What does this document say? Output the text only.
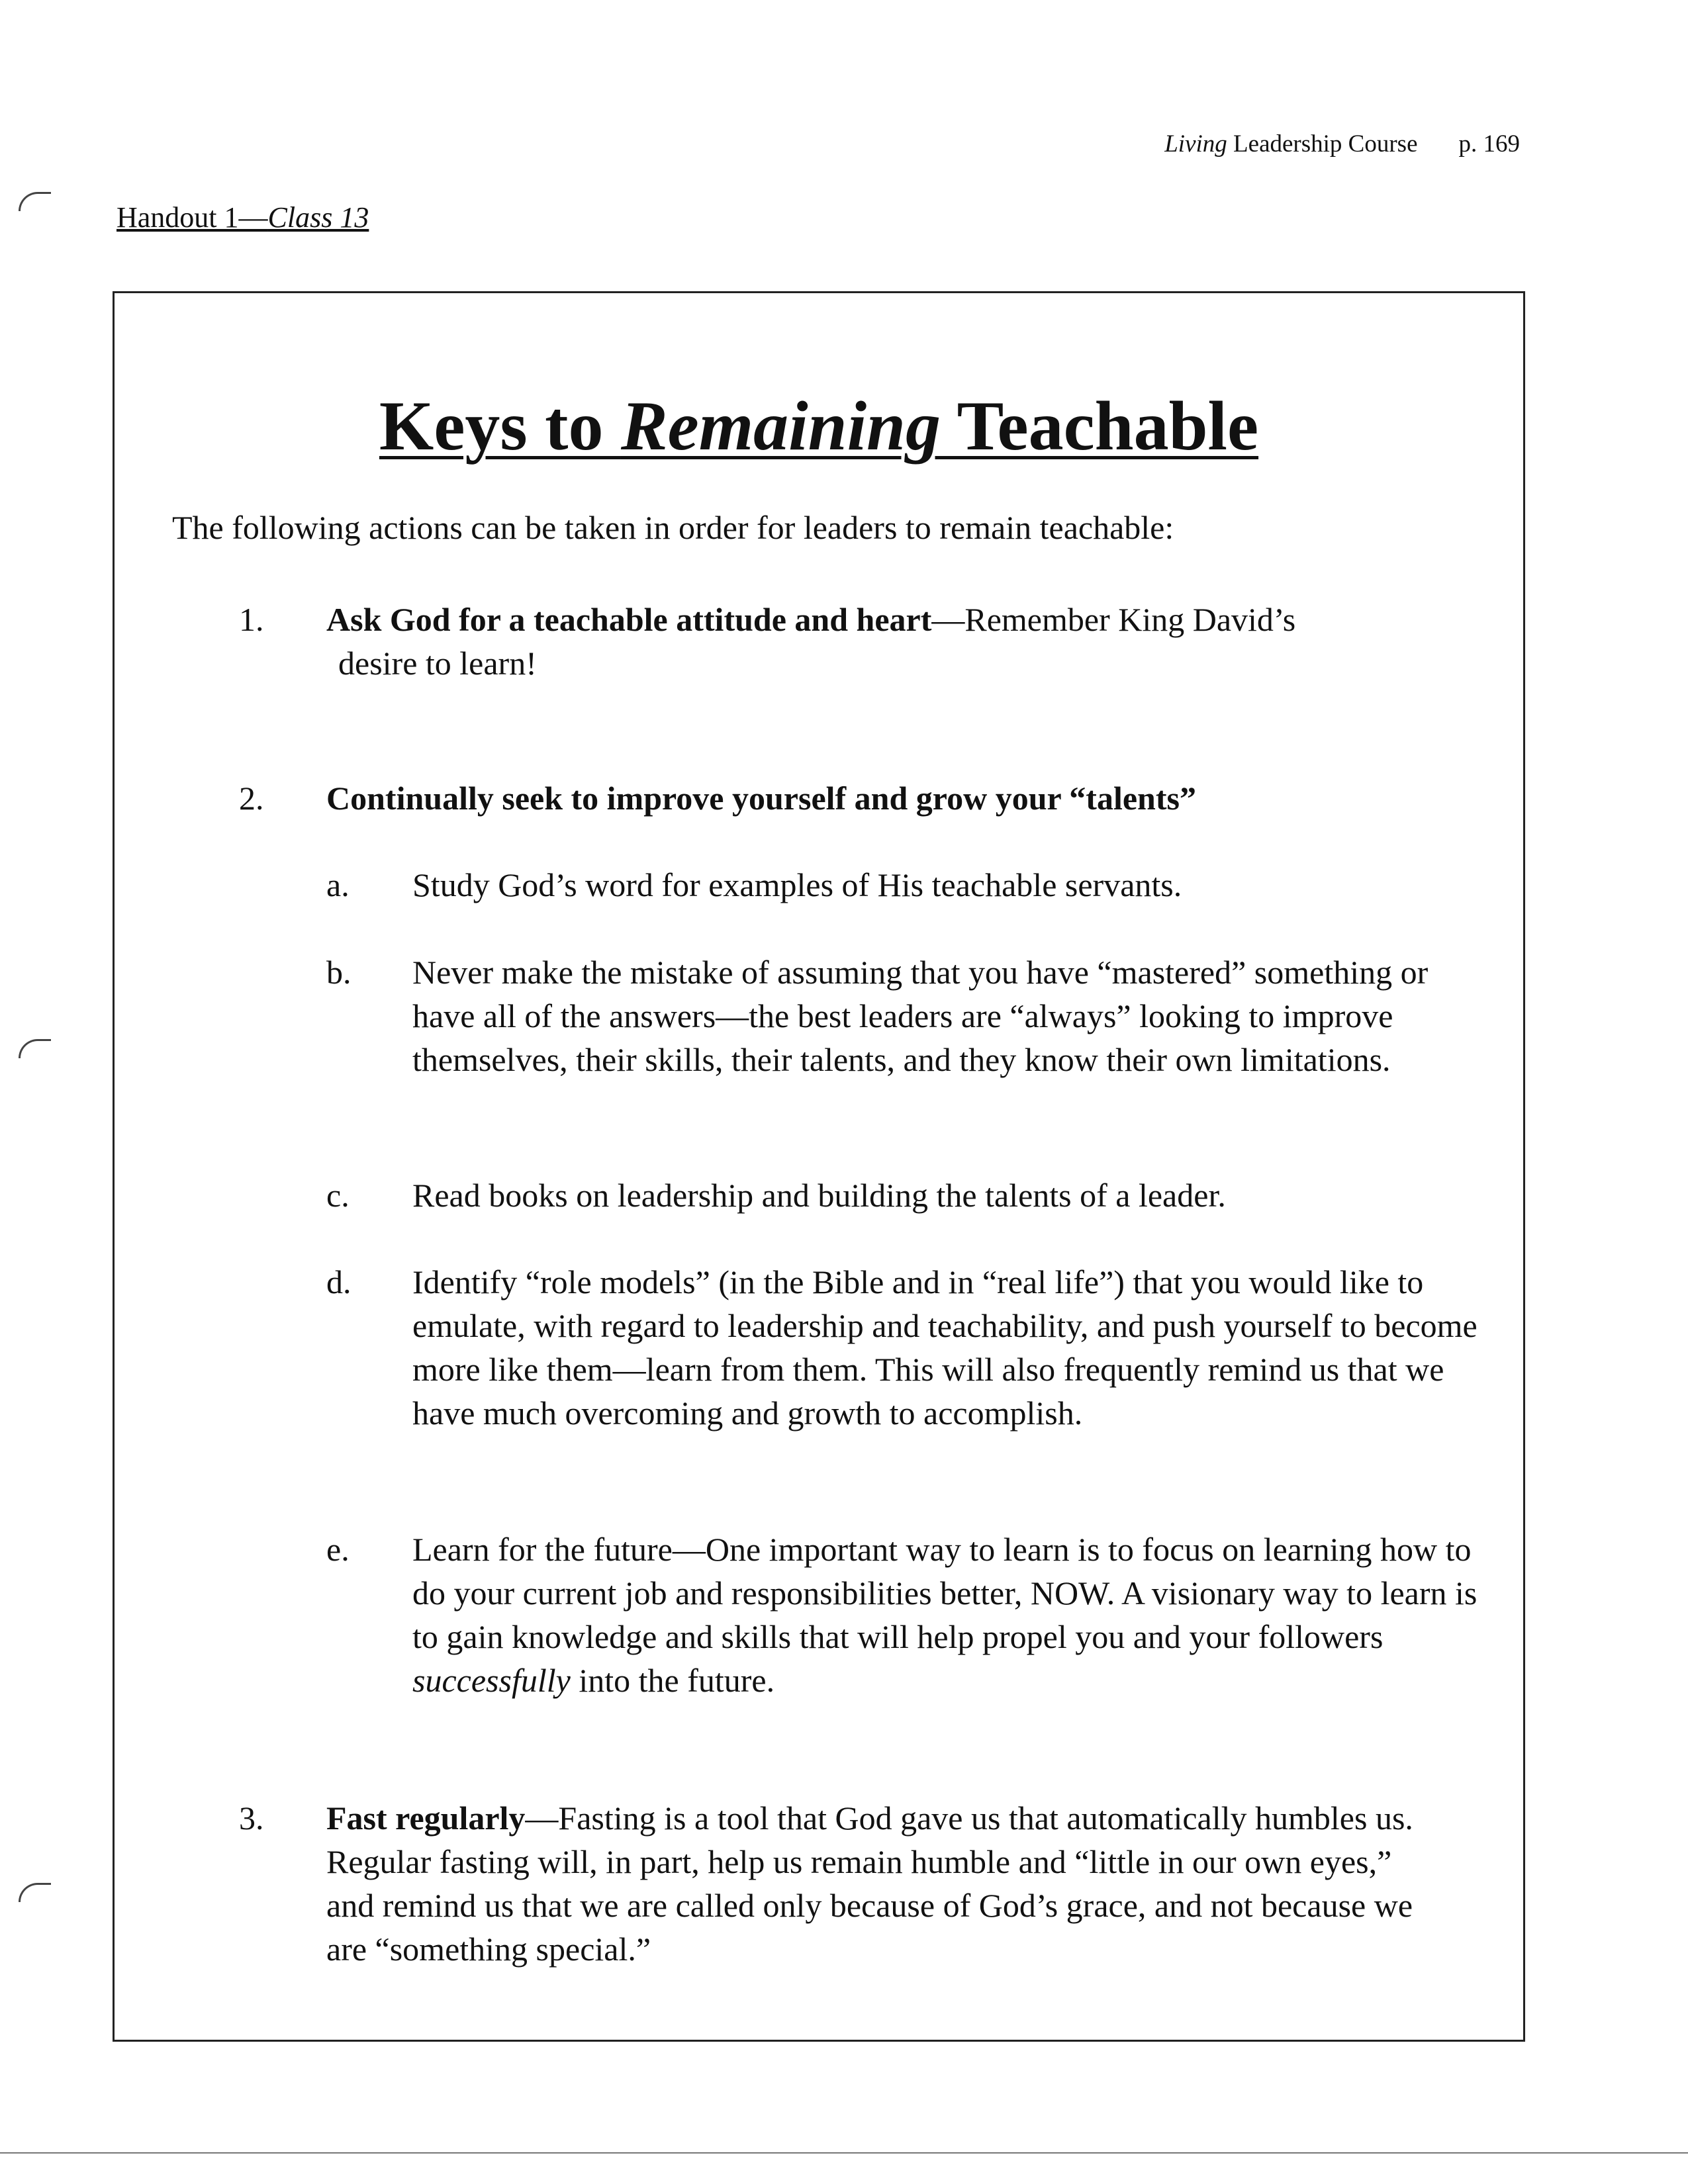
Living Leadership Course p. 169
Handout 1—Class 13
Keys to Remaining Teachable
The following actions can be taken in order for leaders to remain teachable:
1. Ask God for a teachable attitude and heart—Remember King David’s
desire to learn!
2. Continually seek to improve yourself and grow your “talents”
a. Study God’s word for examples of His teachable servants.
b. Never make the mistake of assuming that you have “mastered” something or have all of the answers—the best leaders are “always” looking to improve themselves, their skills, their talents, and they know their own limitations.
c. Read books on leadership and building the talents of a leader.
d. Identify “role models” (in the Bible and in “real life”) that you would like to emulate, with regard to leadership and teachability, and push yourself to become more like them—learn from them. This will also frequently remind us that we have much overcoming and growth to accomplish.
e. Learn for the future—One important way to learn is to focus on learning how to do your current job and responsibilities better, NOW. A visionary way to learn is to gain knowledge and skills that will help propel you and your followers successfully into the future.
3. Fast regularly—Fasting is a tool that God gave us that automatically humbles us. Regular fasting will, in part, help us remain humble and “little in our own eyes,” and remind us that we are called only because of God’s grace, and not because we are “something special.”
